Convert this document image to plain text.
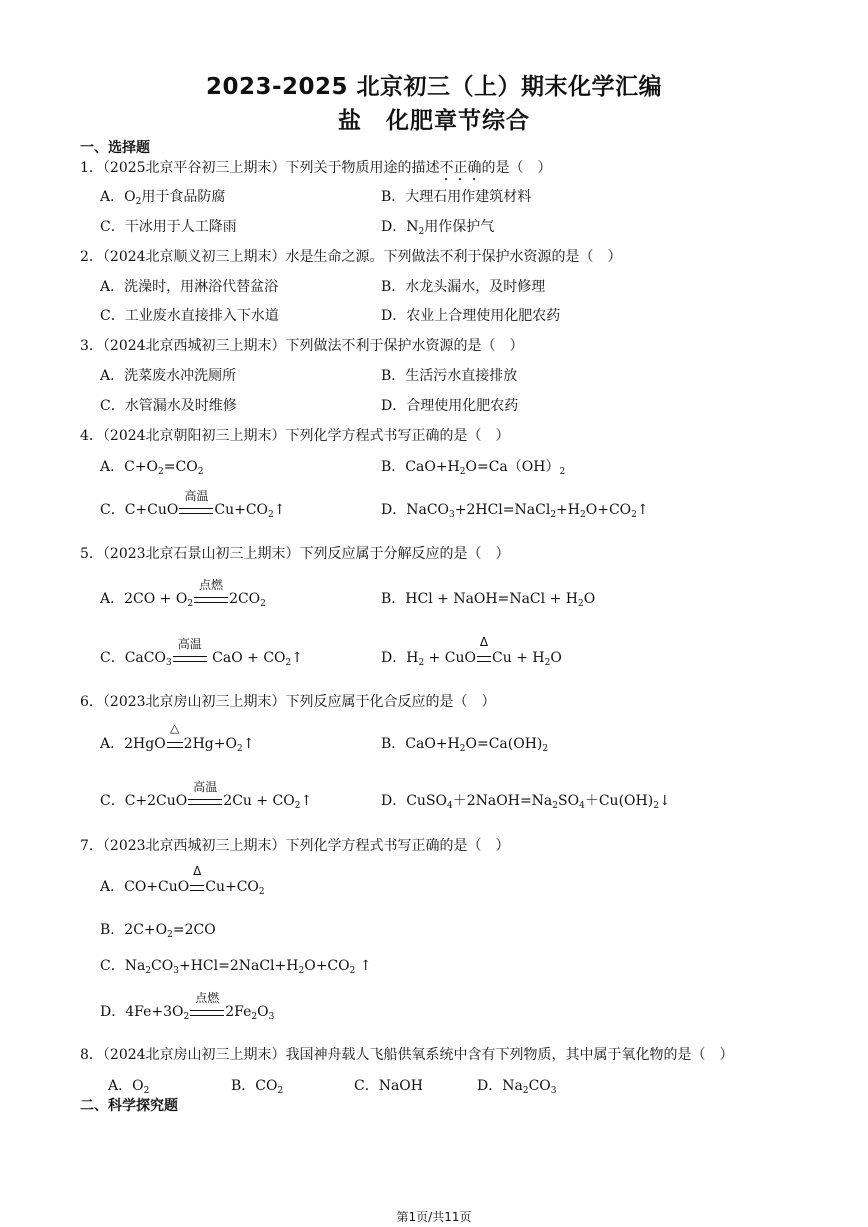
2023-2025 北京初三（上）期末化学汇编
盐　化肥章节综合
一、选择题
1．（2025北京平谷初三上期末）下列关于物质用途的描述不正确的是（　）
A．$O_2$用于食品防腐	B．大理石用作建筑材料
C．干冰用于人工降雨	D．$N_2$用作保护气
2．（2024北京顺义初三上期末）水是生命之源。下列做法不利于保护水资源的是（　）
A．洗澡时，用淋浴代替盆浴	B．水龙头漏水，及时修理
C．工业废水直接排入下水道	D．农业上合理使用化肥农药
3．（2024北京西城初三上期末）下列做法不利于保护水资源的是（　）
A．洗菜废水冲洗厕所	B．生活污水直接排放
C．水管漏水及时维修	D．合理使用化肥农药
4．（2024北京朝阳初三上期末）下列化学方程式书写正确的是（　）
A．$C+O_2=CO_2$	B．$CaO+H_2O=Ca(OH)_2$
C．C+CuO
高温
$Cu+CO_2↑$	D．$NaCO_3+2HCl=NaCl_2+H_2O+CO_2↑$
5．（2023北京石景山初三上期末）下列反应属于分解反应的是（　）
A．$2CO + O_2$
点燃
$2CO_2$	B．HCl + NaOH=NaCl + $H_2O$
C．CaCO$_3$
高温
CaO + $CO_2↑$	D．$H_2$ + CuO
Δ
$Cu + H_2O$
6．（2023北京房山初三上期末）下列反应属于化合反应的是（　）
A．2HgO
△
$2Hg+O_2↑$	B．$CaO+H_2O=Ca(OH)_2$
C．C+2CuO
高温
$2Cu + CO_2↑$	D．$CuSO_4+2NaOH=Na_2SO_4+Cu(OH)_2↓$
7．（2023北京西城初三上期末）下列化学方程式书写正确的是（　）
A．CO+CuO
Δ
$Cu+CO_2$
B．$2C+O_2=2CO$
C．$Na_2CO_3+HCl=2NaCl+H_2O+CO_2$ ↑
D．$4Fe+3O_2$
点燃
$2Fe_2O_3$
8．（2024北京房山初三上期末）我国神舟载人飞船供氧系统中含有下列物质，其中属于氧化物的是（　）
A．$O_2$	B．$CO_2$	C．NaOH	D．$Na_2CO_3$
二、科学探究题
第1页/共11页
